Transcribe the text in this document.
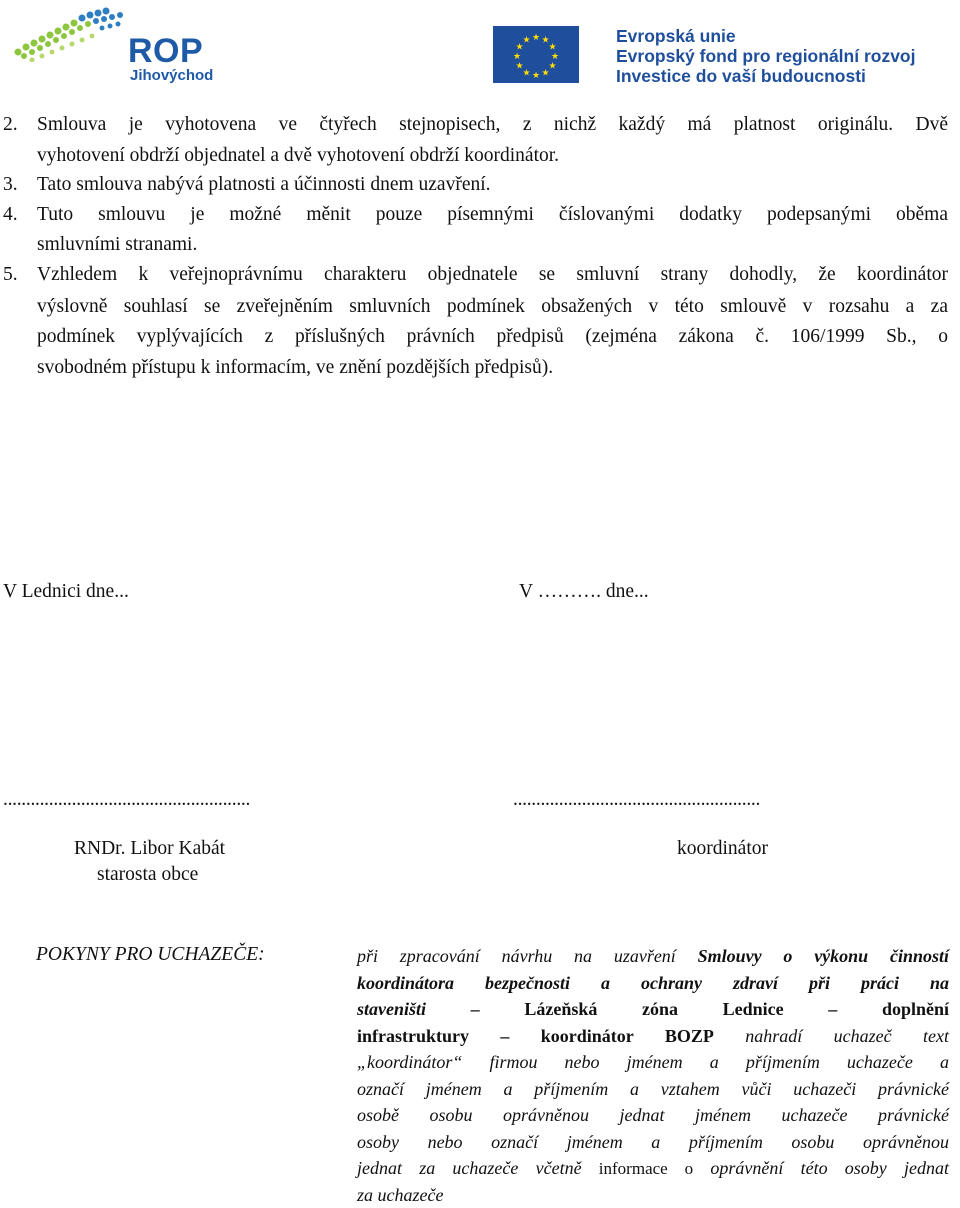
ROP
Jihovýchod
★ ★
★
★
★
★
★
★
★
★
★
★	Evropská unie
Evropský fond pro regionální rozvoj
Investice do vaší budoucnosti
2. Smlouva je vyhotovena ve čtyřech stejnopisech, z nichž každý má platnost originálu. Dvě
vyhotovení obdrží objednatel a dvě vyhotovení obdrží koordinátor.
3. Tato smlouva nabývá platnosti a účinnosti dnem uzavření.
4. Tuto smlouvu je možné měnit pouze písemnými číslovanými dodatky podepsanými oběma
smluvními stranami.
5. Vzhledem k veřejnoprávnímu charakteru objednatele se smluvní strany dohodly, že koordinátor
výslovně souhlasí se zveřejněním smluvních podmínek obsažených v této smlouvě v rozsahu a za
podmínek vyplývajících z příslušných právních předpisů (zejména zákona č. 106/1999 Sb., o
svobodném přístupu k informacím, ve znění pozdějších předpisů).
V Lednici dne...	V ………. dne...
......................................................	......................................................
RNDr. Libor Kabát
starosta obce
koordinátor
POKYNY PRO UCHAZEČE:	při zpracování návrhu na uzavření Smlouvy o výkonu činností
koordinátora bezpečnosti a ochrany zdraví při práci na
staveništi – Lázeňská zóna Lednice – doplnění
infrastruktury – koordinátor BOZP nahradí uchazeč text
„koordinátor“ firmou nebo jménem a příjmením uchazeče a
označí jménem a příjmením a vztahem vůči uchazeči právnické
osobě osobu oprávněnou jednat jménem uchazeče právnické
osoby nebo označí jménem a příjmením osobu oprávněnou
jednat za uchazeče včetně informace o oprávnění této osoby jednat
za uchazeče
